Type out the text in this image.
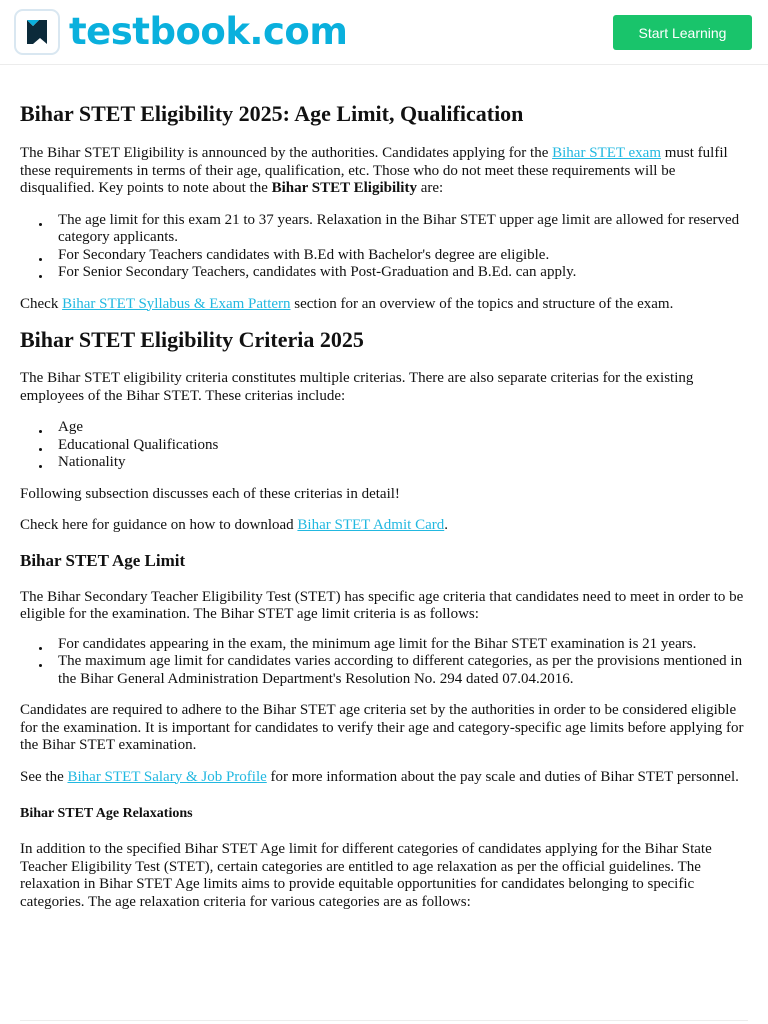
testbook.com	Start Learning
Bihar STET Eligibility 2025: Age Limit, Qualification

The Bihar STET Eligibility is announced by the authorities. Candidates applying for the Bihar STET exam must fulfil these requirements in terms of their age, qualification, etc. Those who do not meet these requirements will be disqualified. Key points to note about the Bihar STET Eligibility are:

The age limit for this exam 21 to 37 years. Relaxation in the Bihar STET upper age limit are allowed for reserved category applicants.
For Secondary Teachers candidates with B.Ed with Bachelor's degree are eligible.
For Senior Secondary Teachers, candidates with Post-Graduation and B.Ed. can apply.

Check Bihar STET Syllabus & Exam Pattern section for an overview of the topics and structure of the exam.

Bihar STET Eligibility Criteria 2025

The Bihar STET eligibility criteria constitutes multiple criterias. There are also separate criterias for the existing employees of the Bihar STET. These criterias include:

Age
Educational Qualifications
Nationality

Following subsection discusses each of these criterias in detail!

Check here for guidance on how to download Bihar STET Admit Card.

Bihar STET Age Limit

The Bihar Secondary Teacher Eligibility Test (STET) has specific age criteria that candidates need to meet in order to be eligible for the examination. The Bihar STET age limit criteria is as follows:

For candidates appearing in the exam, the minimum age limit for the Bihar STET examination is 21 years.
The maximum age limit for candidates varies according to different categories, as per the provisions mentioned in the Bihar General Administration Department's Resolution No. 294 dated 07.04.2016.

Candidates are required to adhere to the Bihar STET age criteria set by the authorities in order to be considered eligible for the examination. It is important for candidates to verify their age and category-specific age limits before applying for the Bihar STET examination.

See the Bihar STET Salary & Job Profile for more information about the pay scale and duties of Bihar STET personnel.

Bihar STET Age Relaxations

In addition to the specified Bihar STET Age limit for different categories of candidates applying for the Bihar State Teacher Eligibility Test (STET), certain categories are entitled to age relaxation as per the official guidelines. The relaxation in Bihar STET Age limits aims to provide equitable opportunities for candidates belonging to specific categories. The age relaxation criteria for various categories are as follows:
